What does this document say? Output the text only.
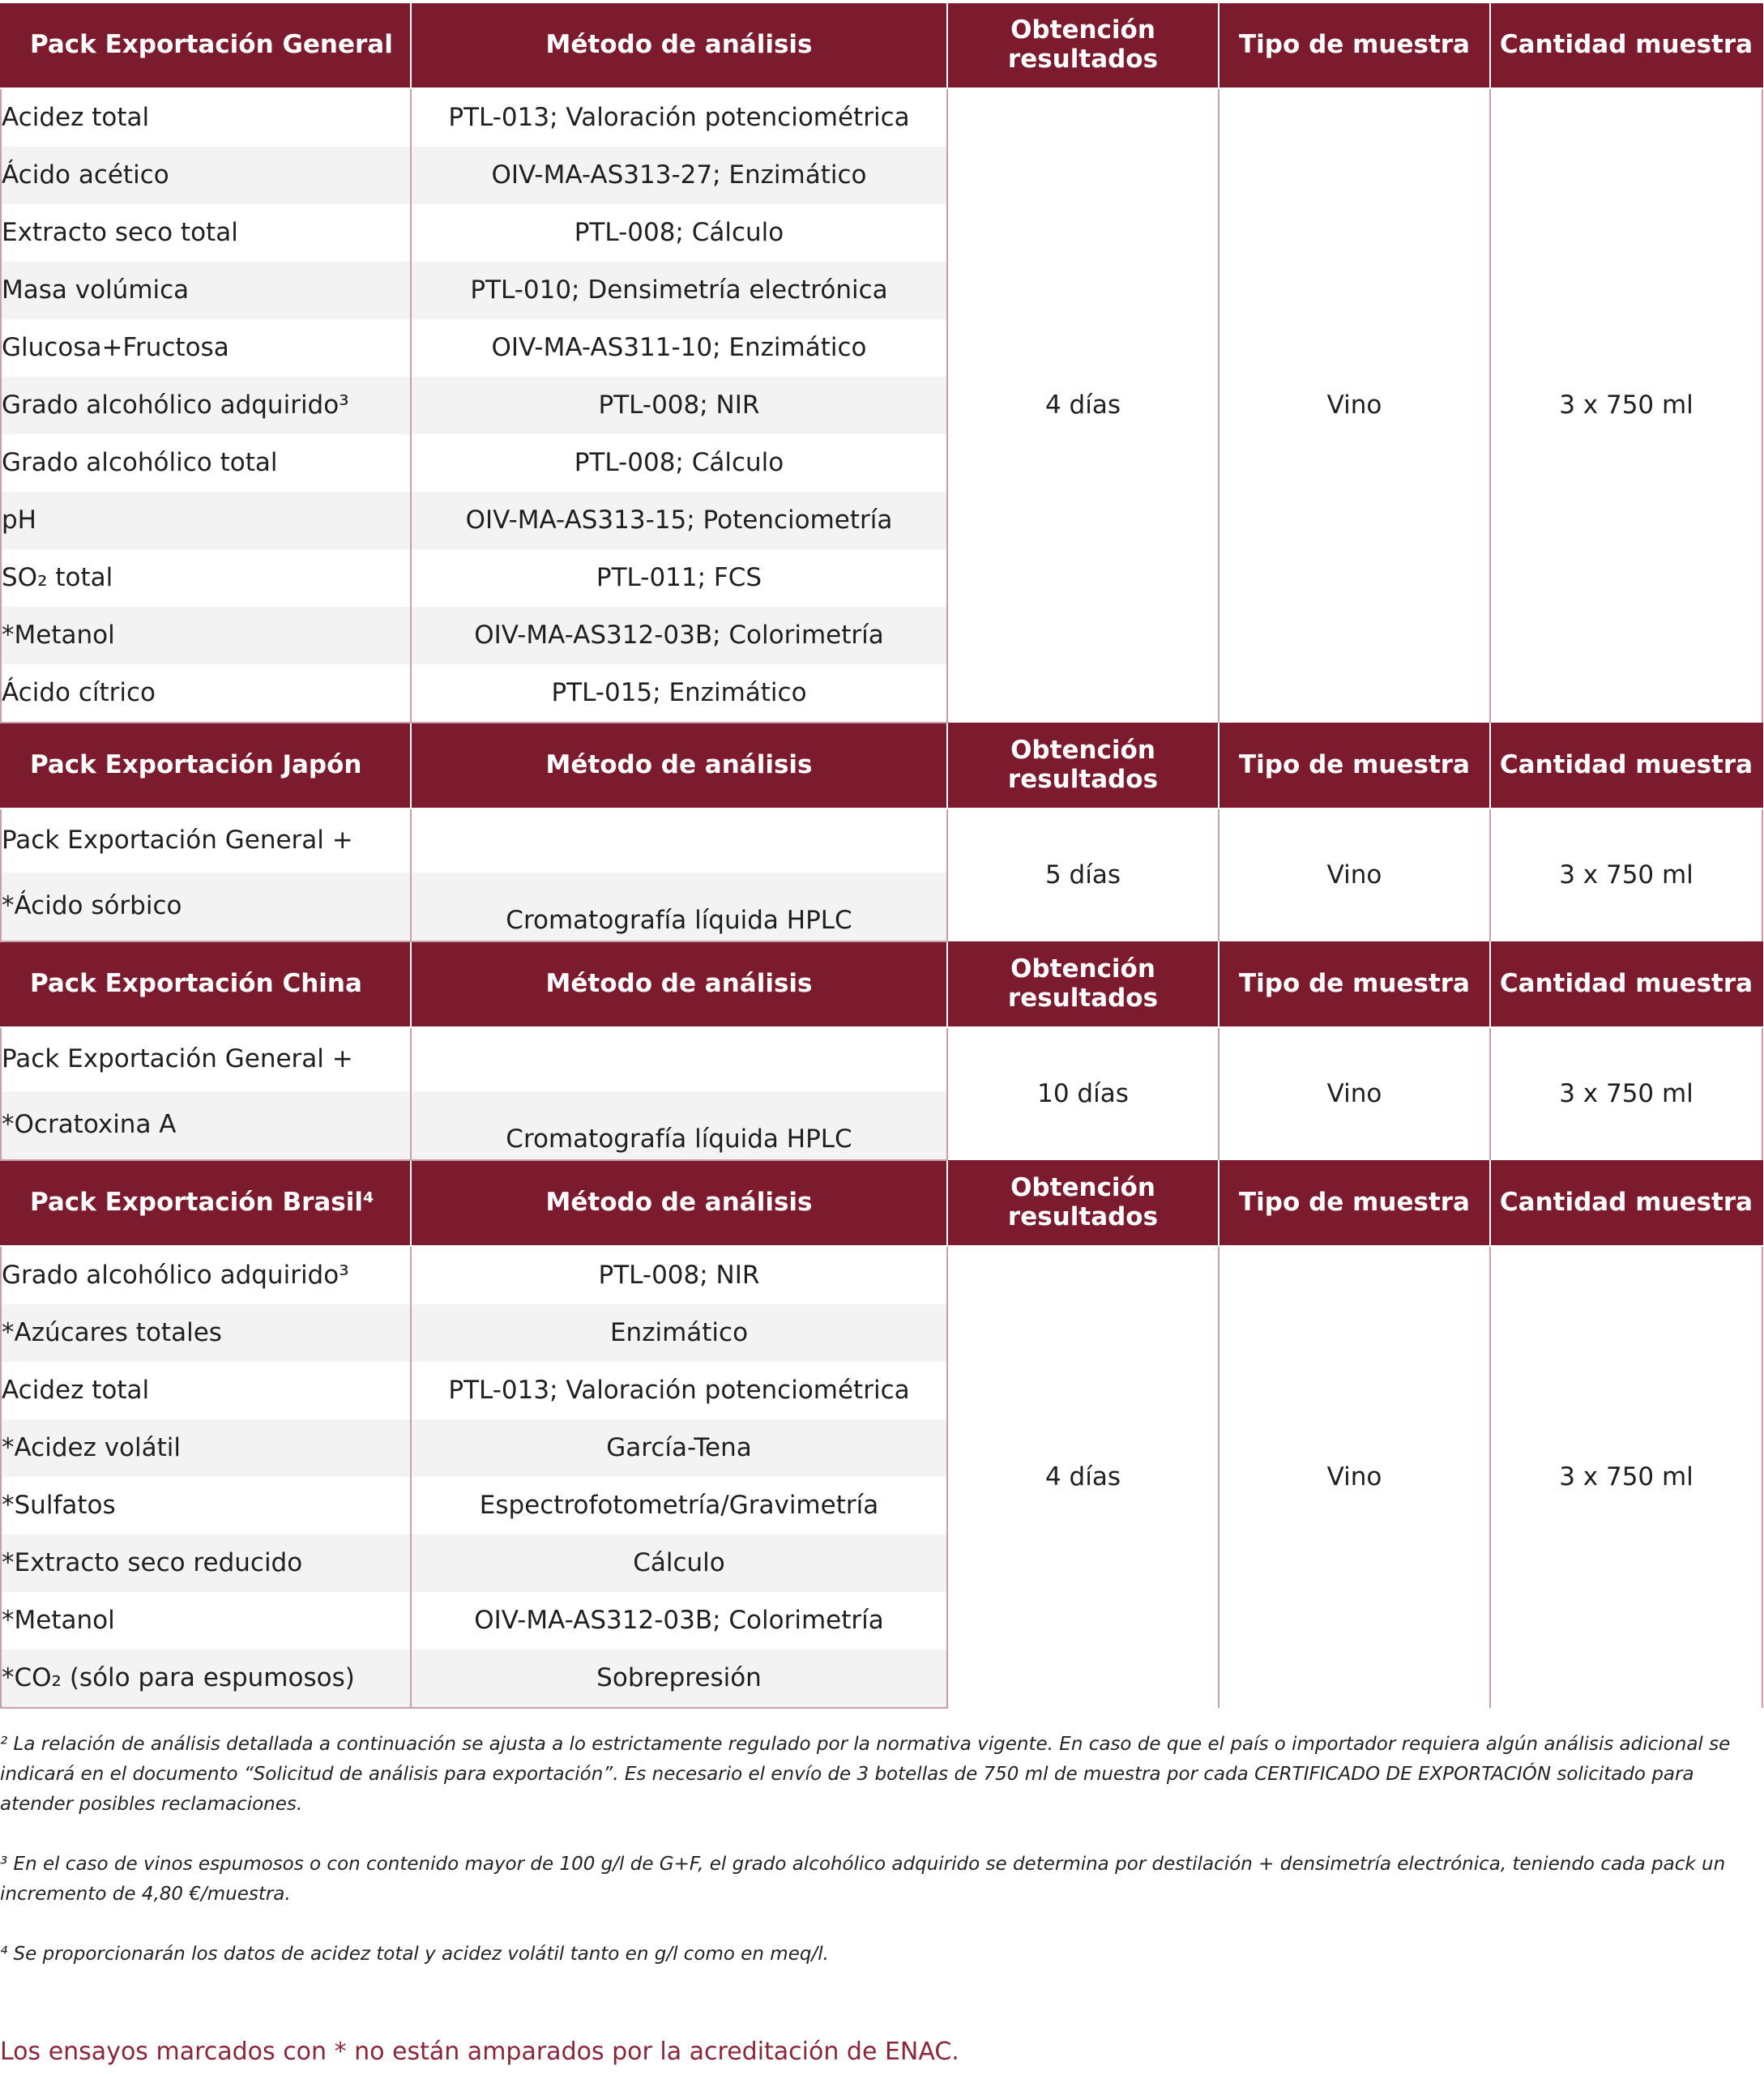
Pack Exportación General	Método de análisis	Obtención resultados	Tipo de muestra	Cantidad muestra
Acidez total	PTL-013; Valoración potenciométrica	4 días	Vino	3 x 750 ml
Ácido acético	OIV-MA-AS313-27; Enzimático			
Extracto seco total	PTL-008; Cálculo			
Masa volúmica	PTL-010; Densimetría electrónica			
Glucosa+Fructosa	OIV-MA-AS311-10; Enzimático			
Grado alcohólico adquirido³	PTL-008; NIR			
Grado alcohólico total	PTL-008; Cálculo			
pH	OIV-MA-AS313-15; Potenciometría			
SO₂ total	PTL-011; FCS			
*Metanol	OIV-MA-AS312-03B; Colorimetría			
Ácido cítrico	PTL-015; Enzimático			
Pack Exportación Japón	Método de análisis	Obtención resultados	Tipo de muestra	Cantidad muestra
Pack Exportación General +		5 días	Vino	3 x 750 ml
*Ácido sórbico	Cromatografía líquida HPLC			
Pack Exportación China	Método de análisis	Obtención resultados	Tipo de muestra	Cantidad muestra
Pack Exportación General +		10 días	Vino	3 x 750 ml
*Ocratoxina A	Cromatografía líquida HPLC			
Pack Exportación Brasil⁴	Método de análisis	Obtención resultados	Tipo de muestra	Cantidad muestra
Grado alcohólico adquirido³	PTL-008; NIR	4 días	Vino	3 x 750 ml
*Azúcares totales	Enzimático			
Acidez total	PTL-013; Valoración potenciométrica			
*Acidez volátil	García-Tena			
*Sulfatos	Espectrofotometría/Gravimetría			
*Extracto seco reducido	Cálculo			
*Metanol	OIV-MA-AS312-03B; Colorimetría			
*CO₂ (sólo para espumosos)	Sobrepresión			

² La relación de análisis detallada a continuación se ajusta a lo estrictamente regulado por la normativa vigente. En caso de que el país o importador requiera algún análisis adicional se indicará en el documento “Solicitud de análisis para exportación”. Es necesario el envío de 3 botellas de 750 ml de muestra por cada CERTIFICADO DE EXPORTACIÓN solicitado para atender posibles reclamaciones.

³ En el caso de vinos espumosos o con contenido mayor de 100 g/l de G+F, el grado alcohólico adquirido se determina por destilación + densimetría electrónica, teniendo cada pack un incremento de 4,80 €/muestra.

⁴ Se proporcionarán los datos de acidez total y acidez volátil tanto en g/l como en meq/l.

Los ensayos marcados con * no están amparados por la acreditación de ENAC.
